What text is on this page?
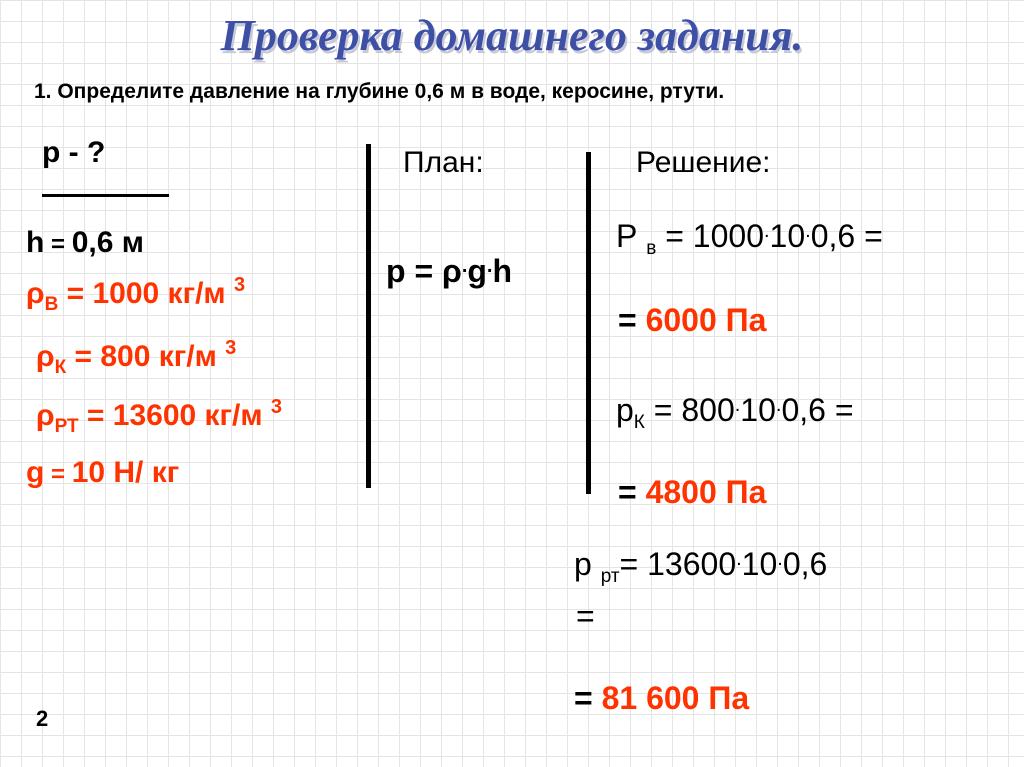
Проверка домашнего задания.
1. Определите давление на глубине 0,6 м в воде, керосине, ртути.
p - ?
h = 0,6 м
$\rho_В = 1000$ кг/м $^3$
$\rho_К = 800$ кг/м $^3$
$\rho_{РТ} = 13600$ кг/м $^3$
g = 10 Н/ кг
План:
p = ρ.g.h
Решение:
Р $_в$ = 1000.10.0,6 =
= 6000 Па
$p_К = 800^.10^.0,6$ =
= 4800 Па
p $_{рт}$= 13600.10.0,6
=
= 81 600 Па
2
